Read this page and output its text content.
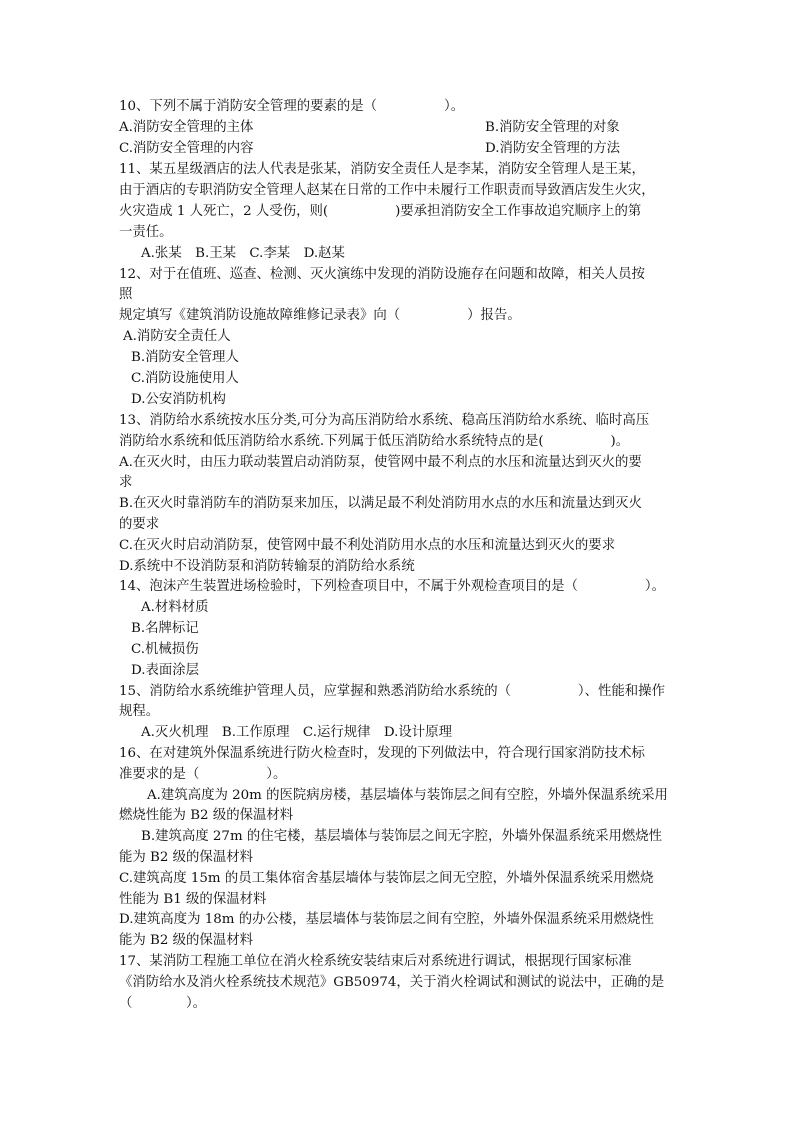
10、下列不属于消防安全管理的要素的是（　　　　　）。
A.消防安全管理的主体	B.消防安全管理的对象
C.消防安全管理的内容	D.消防安全管理的方法
11、某五星级酒店的法人代表是张某，消防安全责任人是李某，消防安全管理人是王某，
由于酒店的专职消防安全管理人赵某在日常的工作中未履行工作职责而导致酒店发生火灾，
火灾造成 1 人死亡，2 人受伤，则(　　　　　)要承担消防安全工作事故追究顺序上的第
一责任。
A.张某　B.王某　C.李某　D.赵某
12、对于在值班、巡查、检测、灭火演练中发现的消防设施存在问题和故障，相关人员按
照
规定填写《建筑消防设施故障维修记录表》向（　　　　　）报告。
A.消防安全责任人
B.消防安全管理人
C.消防设施使用人
D.公安消防机构
13、消防给水系统按水压分类,可分为高压消防给水系统、稳高压消防给水系统、临时高压
消防给水系统和低压消防给水系统.下列属于低压消防给水系统特点的是(　　　　　)。
A.在灭火时，由压力联动装置启动消防泵，使管网中最不利点的水压和流量达到灭火的要
求
B.在灭火时靠消防车的消防泵来加压，以满足最不利处消防用水点的水压和流量达到灭火
的要求
C.在灭火时启动消防泵，使管网中最不利处消防用水点的水压和流量达到灭火的要求
D.系统中不设消防泵和消防转输泵的消防给水系统
14、泡沫产生装置进场检验时，下列检查项目中，不属于外观检查项目的是（　　　　　）。
A.材料材质
B.名牌标记
C.机械损伤
D.表面涂层
15、消防给水系统维护管理人员，应掌握和熟悉消防给水系统的（　　　　　）、性能和操作
规程。
A.灭火机理　B.工作原理　C.运行规律　D.设计原理
16、在对建筑外保温系统进行防火检查时，发现的下列做法中，符合现行国家消防技术标
准要求的是（　　　　　）。
A.建筑高度为 20m 的医院病房楼，基层墙体与装饰层之间有空腔，外墙外保温系统采用
燃烧性能为 B2 级的保温材料
B.建筑高度 27m 的住宅楼，基层墙体与装饰层之间无字腔，外墙外保温系统采用燃烧性
能为 B2 级的保温材料
C.建筑高度 15m 的员工集体宿舍基层墙体与装饰层之间无空腔，外墙外保温系统采用燃烧
性能为 B1 级的保温材料
D.建筑高度为 18m 的办公楼，基层墙体与装饰层之间有空腔，外墙外保温系统采用燃烧性
能为 B2 级的保温材料
17、某消防工程施工单位在消火栓系统安装结束后对系统进行调试，根据现行国家标准
《消防给水及消火栓系统技术规范》GB50974，关于消火栓调试和测试的说法中，正确的是
（　　　　）。
